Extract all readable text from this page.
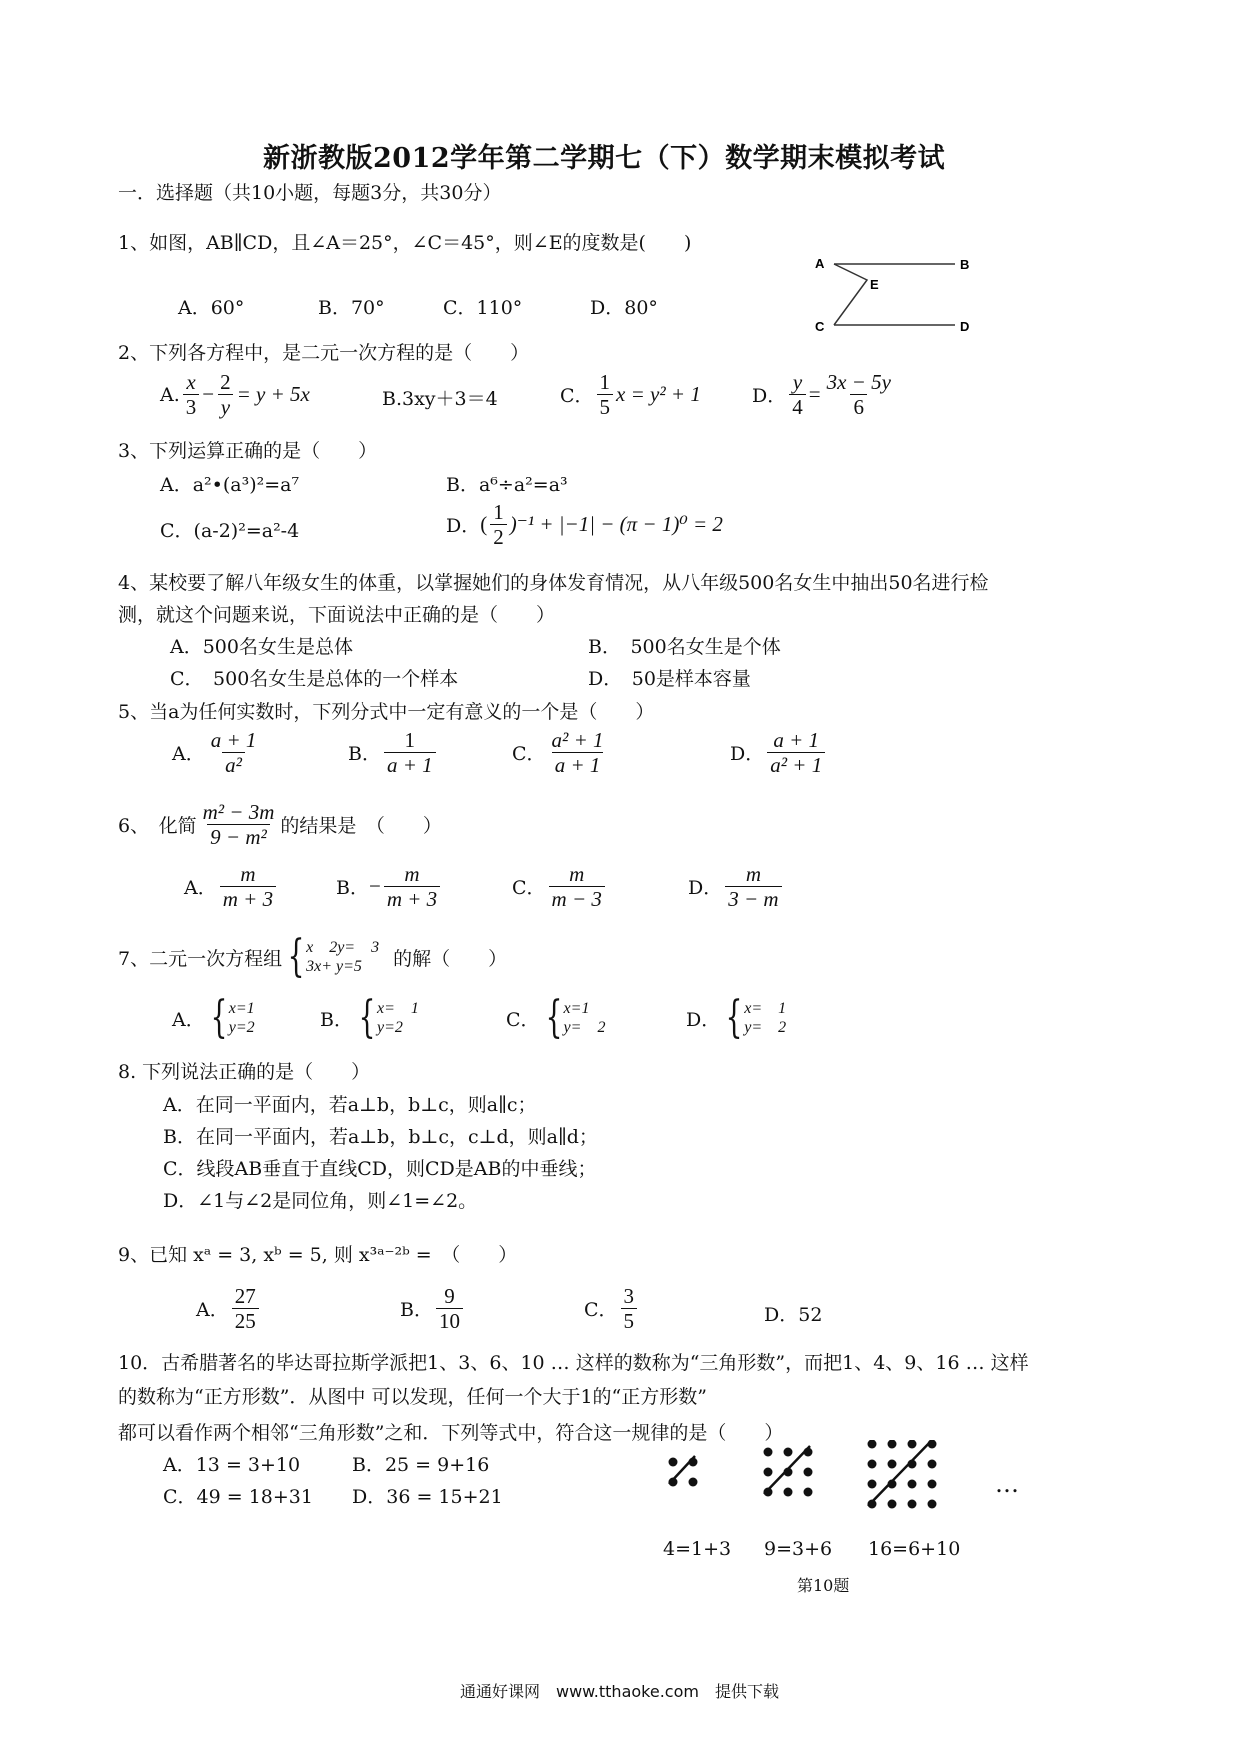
新浙教版2012学年第二学期七（下）数学期末模拟考试
一．选择题（共10小题，每题3分，共30分）
1、如图，AB∥CD，且∠A＝25°，∠C＝45°，则∠E的度数是(　　)
A．60°	B．70°	C．110°	D．80°
A	B
E
C	D
2、下列各方程中，是二元一次方程的是（　　）
A. $\frac{x}{3} - \frac{2}{y} = y + 5x$	B.3xy＋3＝4	C． $\frac{1}{5}$ x = y² + 1	D． $\frac{y}{4} = \frac{3x - 5y}{6}$
3、下列运算正确的是（　　）
A．a²•(a³)²=a⁷	B．a⁶÷a²=a³
C．(a-2)²=a²-4	D． ( $\frac{1}{2} )^{-1} + |-1| - (\pi - 1)^0 = 2$
4、某校要了解八年级女生的体重，以掌握她们的身体发育情况，从八年级500名女生中抽出50名进行检
测，就这个问题来说，下面说法中正确的是（　　）
A．500名女生是总体	B．　500名女生是个体
C．　500名女生是总体的一个样本	D．　50是样本容量
5、当a为任何实数时，下列分式中一定有意义的一个是（　　）
A． $\frac{a + 1}{\text{a²}}$	B． $\frac{1}{a + 1}$	C． $\frac{\text{a² + 1}}{a + 1}$	D． $\frac{a + 1}{\text{a² + 1}}$
6、　化简 $\frac{\text{m² − 3m}}{\text{9 − m²}}$ 的结果是　（　　）
A． $\frac{m}{m + 3}$	B． − $\frac{m}{m + 3}$	C． $\frac{m}{m - 3}$	D． $\frac{m}{3 - m}$
7、二元一次方程组 { x　2y=　3
3x+ y=5	的解（　　）
A． { x=1
y=2	B． { x=　1
y=2	C． { x=1
y=　2	D． { x=　1
y=　2
8. 下列说法正确的是（　　）
A．在同一平面内，若a⊥b，b⊥c，则a∥c；
B．在同一平面内，若a⊥b，b⊥c，c⊥d，则a∥d；
C．线段AB垂直于直线CD，则CD是AB的中垂线；
D．∠1与∠2是同位角，则∠1=∠2。
9、已知 xᵃ = 3, xᵇ = 5, 则 x³ᵃ⁻²ᵇ =　（　　）
A． $\frac{27}{25}$	B． $\frac{9}{10}$	C． $\frac{3}{5}$	D．52
10．古希腊著名的毕达哥拉斯学派把1、3、6、10 … 这样的数称为“三角形数”，而把1、4、9、16 … 这样
的数称为“正方形数”．从图中 可以发现，任何一个大于1的“正方形数”
都可以看作两个相邻“三角形数”之和．下列等式中，符合这一规律的是（　　）
A．13 = 3+10	B．25 = 9+16
C．49 = 18+31 D．36 = 15+21	…
4=1+3 9=3+6 16=6+10
第10题
通通好课网　www.tthaoke.com　提供下载
